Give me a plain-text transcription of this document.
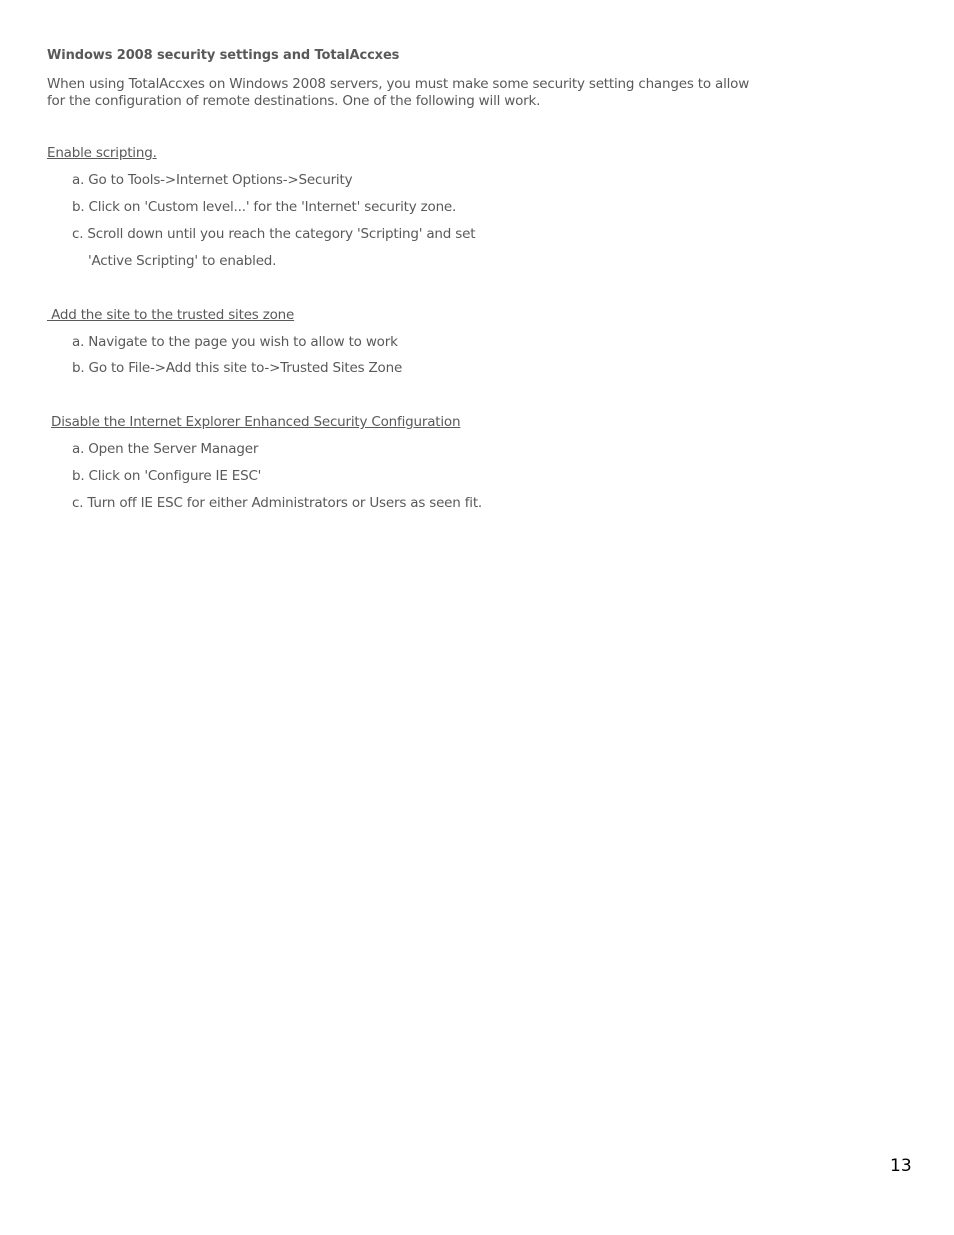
Windows 2008 security settings and TotalAccxes
When using TotalAccxes on Windows 2008 servers, you must make some security setting changes to allow
for the configuration of remote destinations. One of the following will work.
Enable scripting.
a. Go to Tools->Internet Options->Security
b. Click on 'Custom level...' for the 'Internet' security zone.
c. Scroll down until you reach the category 'Scripting' and set
'Active Scripting' to enabled.
Add the site to the trusted sites zone
a. Navigate to the page you wish to allow to work
b. Go to File->Add this site to->Trusted Sites Zone
Disable the Internet Explorer Enhanced Security Configuration
a. Open the Server Manager
b. Click on 'Configure IE ESC'
c. Turn off IE ESC for either Administrators or Users as seen fit.
13
